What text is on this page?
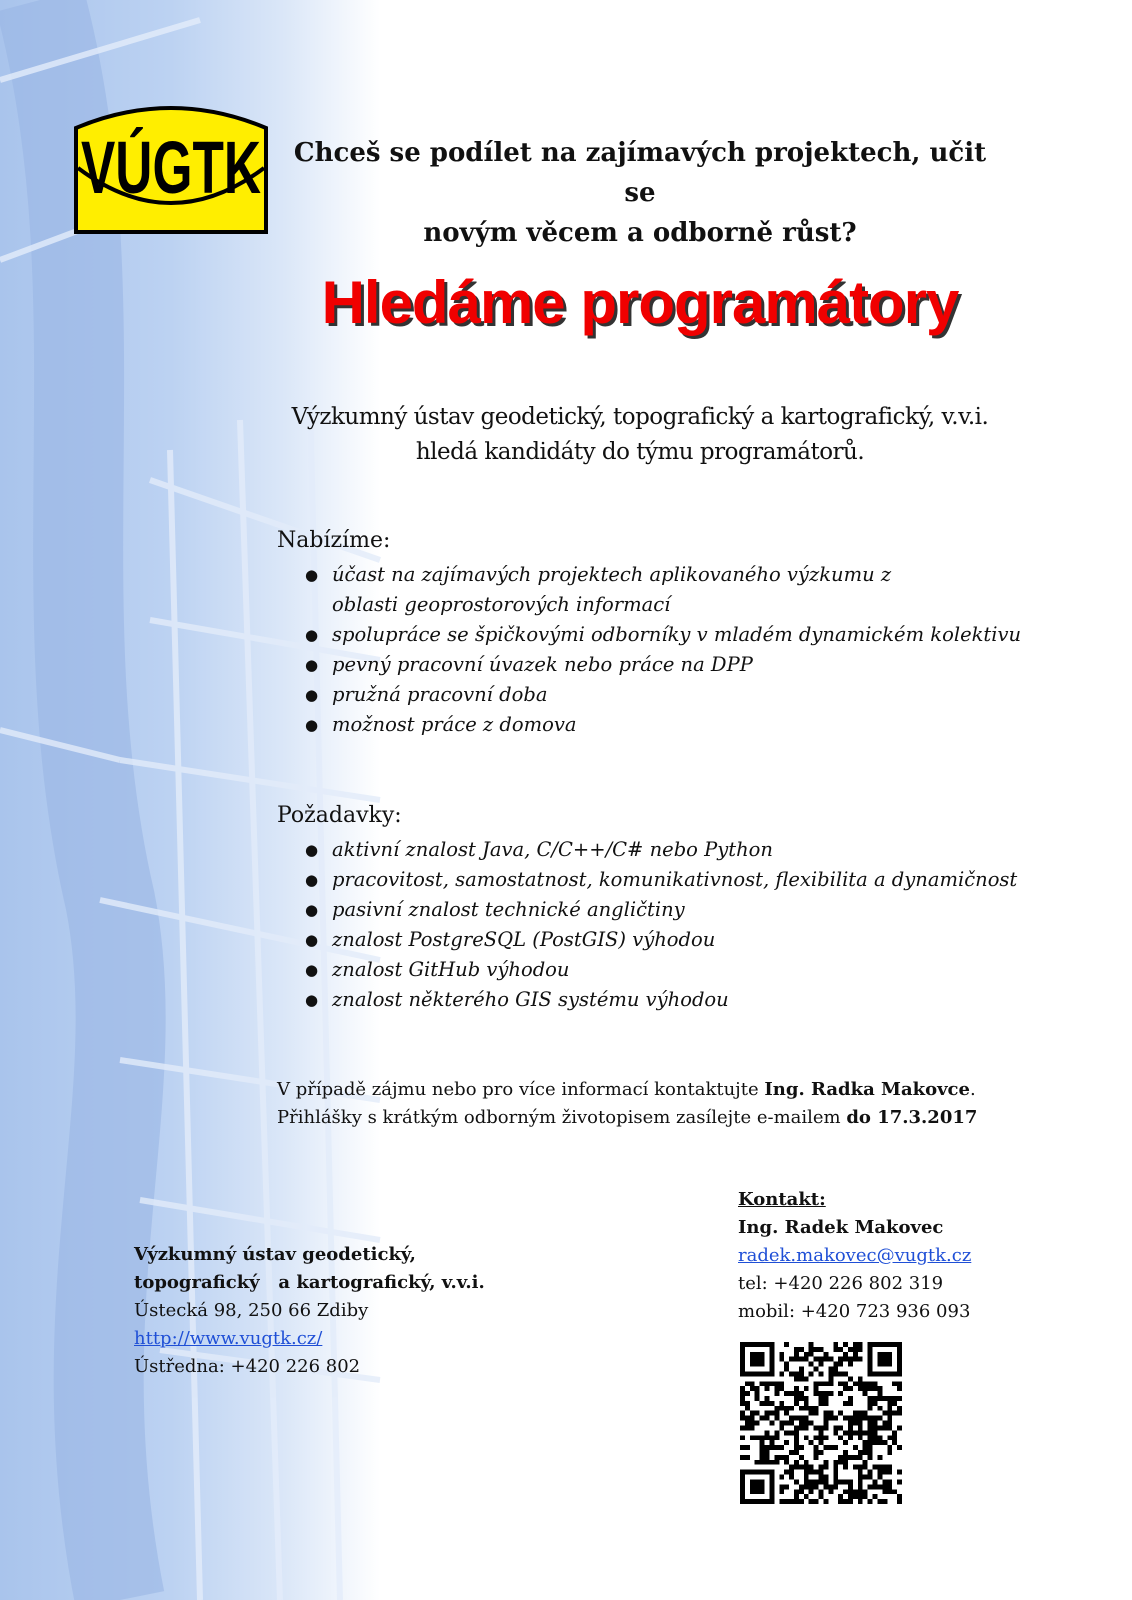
VÚGTK Chceš se podílet na zajímavých projektech, učit se
novým věcem a odborně růst?
Hledáme programátory
Výzkumný ústav geodetický, topografický a kartografický, v.v.i.
hledá kandidáty do týmu programátorů.
Nabízíme:
● účast na zajímavých projektech aplikovaného výzkumu z oblasti geoprostorových informací
● spolupráce se špičkovými odborníky v mladém dynamickém kolektivu
● pevný pracovní úvazek nebo práce na DPP
● pružná pracovní doba
● možnost práce z domova
Požadavky:
● aktivní znalost Java, C/C++/C# nebo Python
● pracovitost, samostatnost, komunikativnost, flexibilita a dynamičnost
● pasivní znalost technické angličtiny
● znalost PostgreSQL (PostGIS) výhodou
● znalost GitHub výhodou
● znalost některého GIS systému výhodou
V případě zájmu nebo pro více informací kontaktujte Ing. Radka Makovce.
Přihlášky s krátkým odborným životopisem zasílejte e-mailem do 17.3.2017
Výzkumný ústav geodetický,
topografický   a kartografický, v.v.i.
Ústecká 98, 250 66 Zdiby
http://www.vugtk.cz/
Ústředna: +420 226 802
Kontakt:
Ing. Radek Makovec
radek.makovec@vugtk.cz
tel: +420 226 802 319
mobil: +420 723 936 093
